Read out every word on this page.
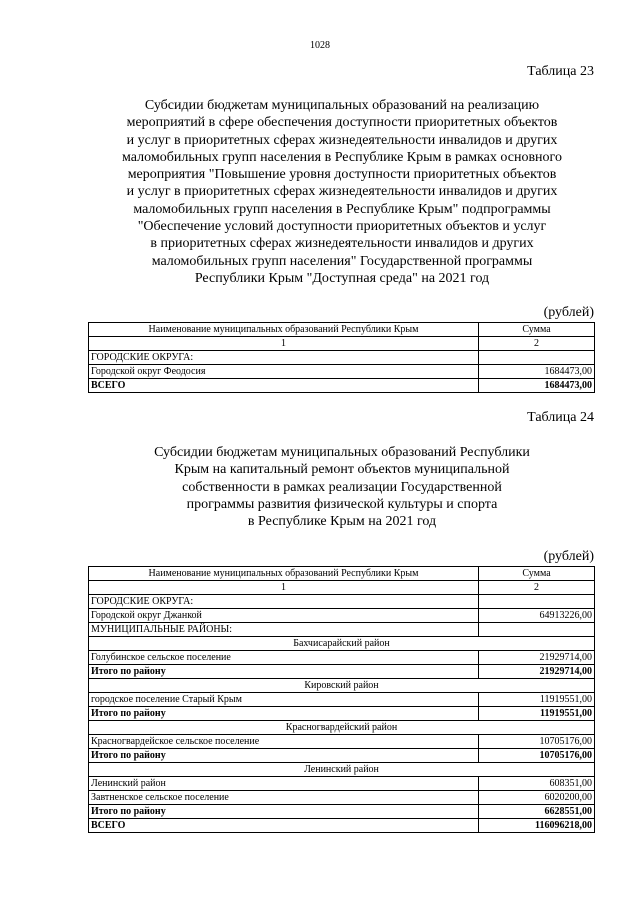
1028
Таблица 23
Субсидии бюджетам муниципальных образований на реализацию
мероприятий в сфере обеспечения доступности приоритетных объектов
и услуг в приоритетных сферах жизнедеятельности инвалидов и других
маломобильных групп населения в Республике Крым в рамках основного
мероприятия "Повышение уровня доступности приоритетных объектов
и услуг в приоритетных сферах жизнедеятельности инвалидов и других
маломобильных групп населения в Республике Крым" подпрограммы
"Обеспечение условий доступности приоритетных объектов и услуг
в приоритетных сферах жизнедеятельности инвалидов и других
маломобильных групп населения" Государственной программы
Республики Крым "Доступная среда" на 2021 год
(рублей)
Наименование муниципальных образований Республики Крым	Сумма
1	2
ГОРОДСКИЕ ОКРУГА:	
Городской округ Феодосия	1684473,00
ВСЕГО	1684473,00
Таблица 24
Субсидии бюджетам муниципальных образований Республики
Крым на капитальный ремонт объектов муниципальной
собственности в рамках реализации Государственной
программы развития физической культуры и спорта
в Республике Крым на 2021 год
(рублей)
Наименование муниципальных образований Республики Крым	Сумма
1	2
ГОРОДСКИЕ ОКРУГА:	
Городской округ Джанкой	64913226,00
МУНИЦИПАЛЬНЫЕ РАЙОНЫ:	
Бахчисарайский район	
Голубинское сельское поселение	21929714,00
Итого по району	21929714,00
Кировский район	
городское поселение Старый Крым	11919551,00
Итого по району	11919551,00
Красногвардейский район	
Красногвардейское сельское поселение	10705176,00
Итого по району	10705176,00
Ленинский район	
Ленинский район	608351,00
Завтненское сельское поселение	6020200,00
Итого по району	6628551,00
ВСЕГО	116096218,00
